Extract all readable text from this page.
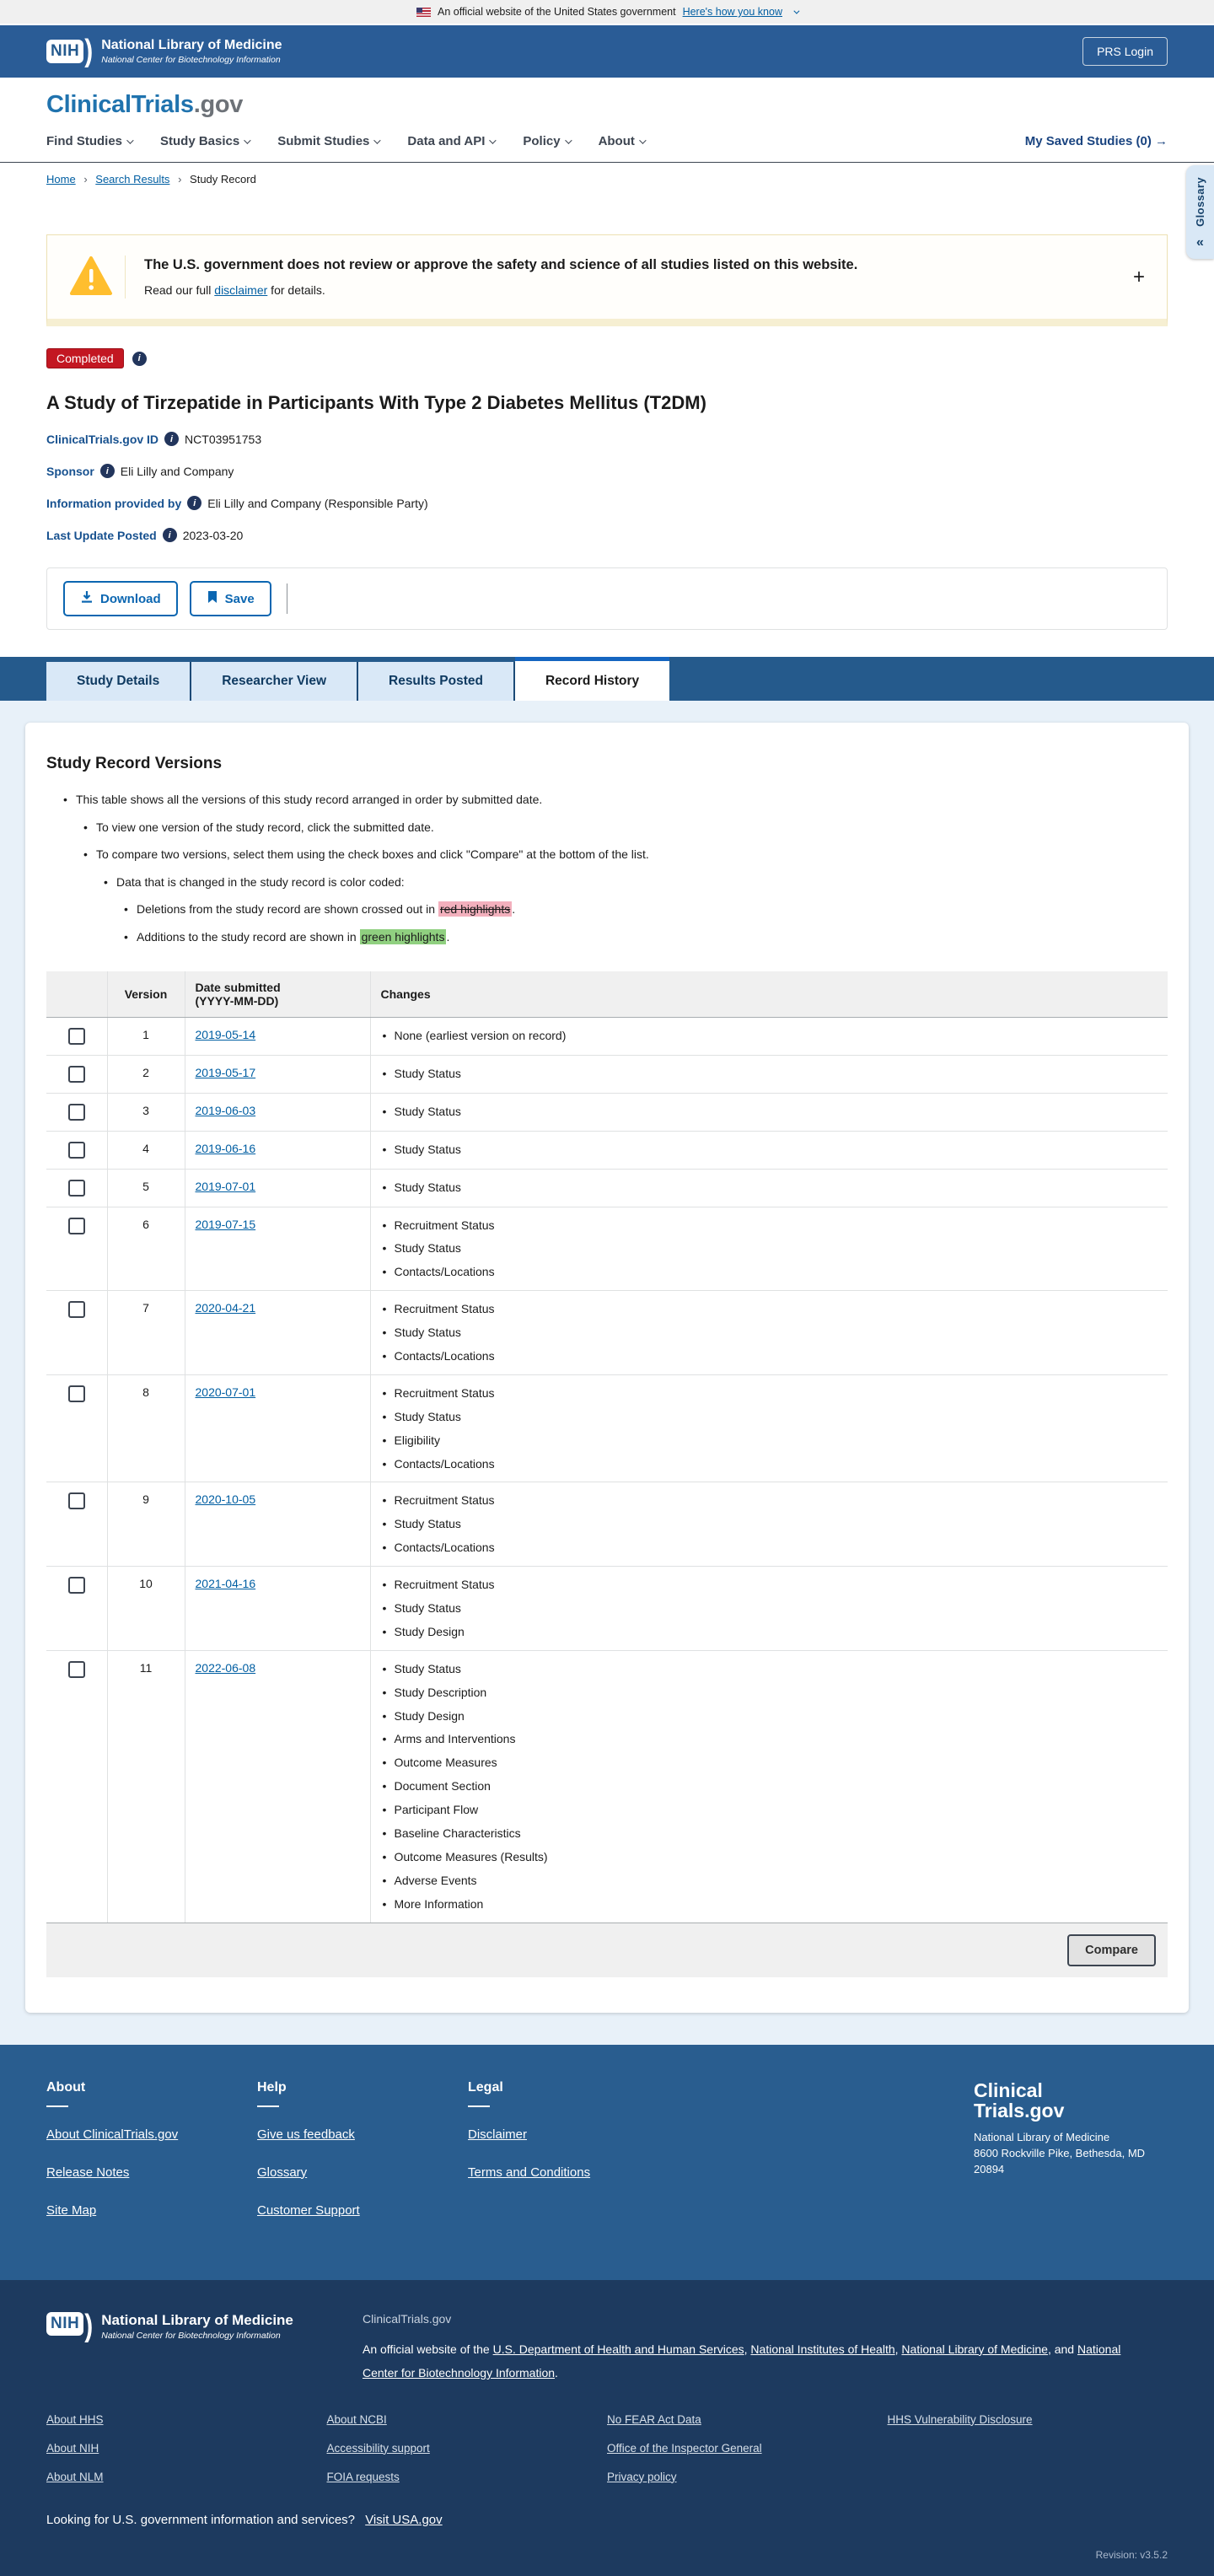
An official website of the United States government Here's how you know
NIH ) National Library of Medicine
National Center for Biotechnology Information
PRS Login
ClinicalTrials.gov
Find Studies	Study Basics	Submit Studies	Data and API	Policy	About	My Saved Studies (0) →
Home › Search Results › Study Record	Glossary
«
The U.S. government does not review or approve the safety and science of all studies listed on this website.
Read our full disclaimer for details.
+
Completed
i
A Study of Tirzepatide in Participants With Type 2 Diabetes Mellitus (T2DM)
ClinicalTrials.gov ID i NCT03951753
Sponsor i Eli Lilly and Company
Information provided by i Eli Lilly and Company (Responsible Party)
Last Update Posted i 2023-03-20
Download	Save
Study Details	Researcher View	Results Posted	Record History
Study Record Versions
• This table shows all the versions of this study record arranged in order by submitted date.
• To view one version of the study record, click the submitted date.
• To compare two versions, select them using the check boxes and click "Compare" at the bottom of the list.
• Data that is changed in the study record is color coded:
• Deletions from the study record are shown crossed out in red highlights .
• Additions to the study record are shown in green highlights .
	Version	Date submitted
(YYYY-MM-DD)	Changes

	1	2019-05-14	
•None (earliest version on record)

	2	2019-05-17	
•Study Status

	3	2019-06-03	
•Study Status

	4	2019-06-16	
•Study Status

	5	2019-07-01	
•Study Status

	6	2019-07-15	
•Recruitment Status
• Study Status
• Contacts/Locations

	7	2020-04-21	
•Recruitment Status
• Study Status
• Contacts/Locations

	8	2020-07-01	
•Recruitment Status
• Study Status
• Eligibility
• Contacts/Locations

	9	2020-10-05	
•Recruitment Status
• Study Status
• Contacts/Locations

	10	2021-04-16	
•Recruitment Status
• Study Status
• Study Design

	11	2022-06-08	
•Study Status
• Study Description
• Study Design
• Arms and Interventions
• Outcome Measures
• Document Section
• Participant Flow
• Baseline Characteristics
• Outcome Measures (Results)
• Adverse Events
• More Information
Compare
About
About ClinicalTrials.gov
Release Notes
Site Map
Help
Give us feedback
Glossary
Customer Support
Legal
Disclaimer
Terms and Conditions
Clinical
Trials.gov
National Library of Medicine
8600 Rockville Pike, Bethesda, MD 20894
NIH ) National Library of Medicine
National Center for Biotechnology Information
ClinicalTrials.gov
An official website of the U.S. Department of Health and Human Services, National Institutes of Health, National Library of Medicine, and National Center for Biotechnology Information.
About HHS
About NIH
About NLM
About NCBI
Accessibility support
FOIA requests
No FEAR Act Data
Office of the Inspector General
Privacy policy
HHS Vulnerability Disclosure
Looking for U.S. government information and services? Visit USA.gov
Revision: v3.5.2
